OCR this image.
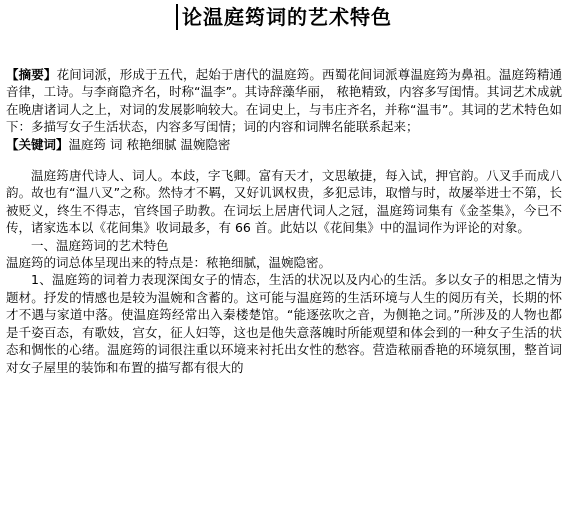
论温庭筠词的艺术特色

【摘要】花间词派，形成于五代，起始于唐代的温庭筠。西蜀花间词派尊温庭筠为鼻祖。温庭筠精通音律，工诗。与李商隐齐名，时称“温李”。其诗辞藻华丽， 秾艳精致，内容多写闺情。其词艺术成就在晚唐诸词人之上，对词的发展影响较大。在词史上，与韦庄齐名，并称“温韦”。其词的艺术特色如下：多描写女子生活状态，内容多写闺情；词的内容和词牌名能联系起来；

【关键词】温庭筠 词 秾艳细腻 温婉隐密

温庭筠唐代诗人、词人。本歧，字飞卿。富有天才，文思敏捷，每入试，押官韵。八叉手而成八韵。故也有“温八叉”之称。然恃才不羁，又好讥讽权贵，多犯忌讳，取憎与时，故屡举进士不第，长被贬义，终生不得志，官终国子助教。在词坛上居唐代词人之冠，温庭筠词集有《金荃集》，今已不传，诸家选本以《花间集》收词最多，有 66 首。此姑以《花间集》中的温词作为评论的对象。

一、温庭筠词的艺术特色

温庭筠的词总体呈现出来的特点是：秾艳细腻，温婉隐密。

1、温庭筠的词着力表现深闺女子的情态，生活的状况以及内心的生活。多以女子的相思之情为题材。抒发的情感也是较为温婉和含蓄的。这可能与温庭筠的生活环境与人生的阅历有关，长期的怀才不遇与家道中落。使温庭筠经常出入秦楼楚馆。“能逐弦吹之音，为侧艳之词。”所涉及的人物也都是千姿百态，有歌妓，宫女，征人妇等，这也是他失意落魄时所能观望和体会到的一种女子生活的状态和惆怅的心绪。温庭筠的词很注重以环境来衬托出女性的愁容。营造秾丽香艳的环境氛围，整首词对女子屋里的装饰和布置的描写都有很大的
